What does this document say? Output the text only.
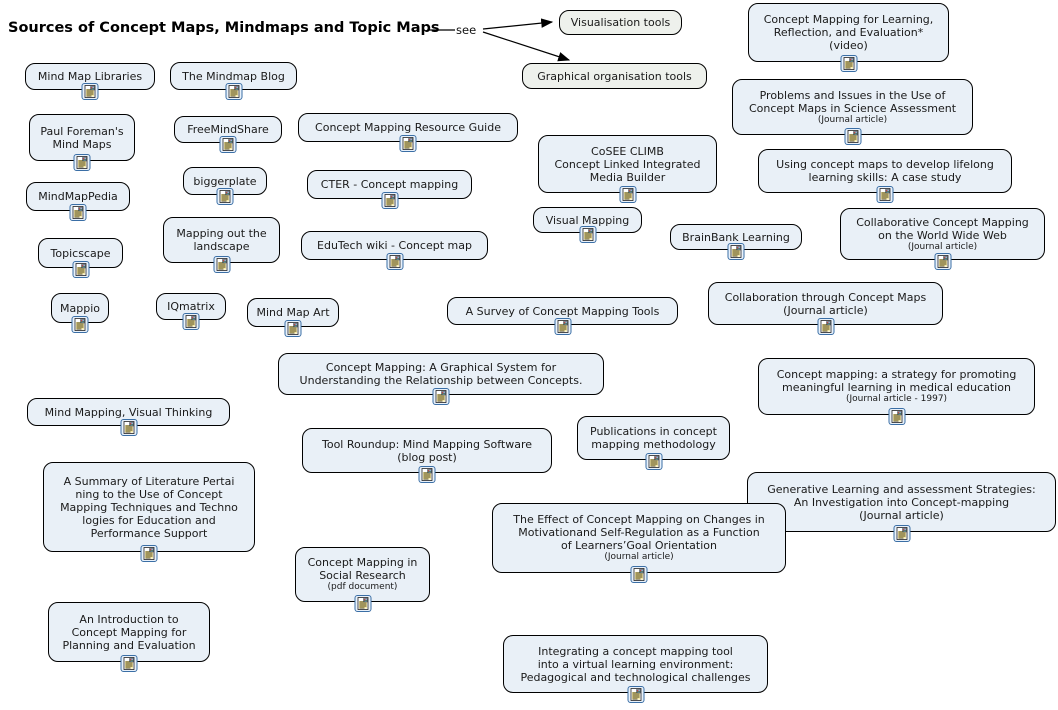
Sources of Concept Maps, Mindmaps and Topic Maps see
Visualisation tools
Graphical organisation tools
Mind Map Libraries	The Mindmap Blog
Concept Mapping for Learning,
Reflection, and Evaluation*
(video)
Paul Foreman's
Mind Maps
FreeMindShare	Concept Mapping Resource Guide
Problems and Issues in the Use of
Concept Maps in Science Assessment
(Journal article)
MindMapPedia
biggerplate	CTER - Concept mapping
CoSEE CLIMB
Concept Linked Integrated
Media Builder
Using concept maps to develop lifelong
learning skills: A case study
Topicscape
Mapping out the
landscape	EduTech wiki - Concept map
Visual Mapping
BrainBank Learning
Collaborative Concept Mapping
on the World Wide Web
(Journal article)
Mappio	IQmatrix	Mind Map Art	A Survey of Concept Mapping Tools
Collaboration through Concept Maps
(Journal article)
Concept Mapping: A Graphical System for
Understanding the Relationship between Concepts.	Concept mapping: a strategy for promoting
meaningful learning in medical education
(Journal article - 1997)
Mind Mapping, Visual Thinking
Tool Roundup: Mind Mapping Software
(blog post)
Publications in concept
mapping methodology
A Summary of Literature Pertai
ning to the Use of Concept
Mapping Techniques and Techno
logies for Education and
Performance Support
Generative Learning and assessment Strategies:
An Investigation into Concept-mapping
(Journal article)
The Effect of Concept Mapping on Changes in
Motivationand Self-Regulation as a Function
of Learners’Goal Orientation
(Journal article)
Concept Mapping in
Social Research
(pdf document)
An Introduction to
Concept Mapping for
Planning and Evaluation	Integrating a concept mapping tool
into a virtual learning environment:
Pedagogical and technological challenges
